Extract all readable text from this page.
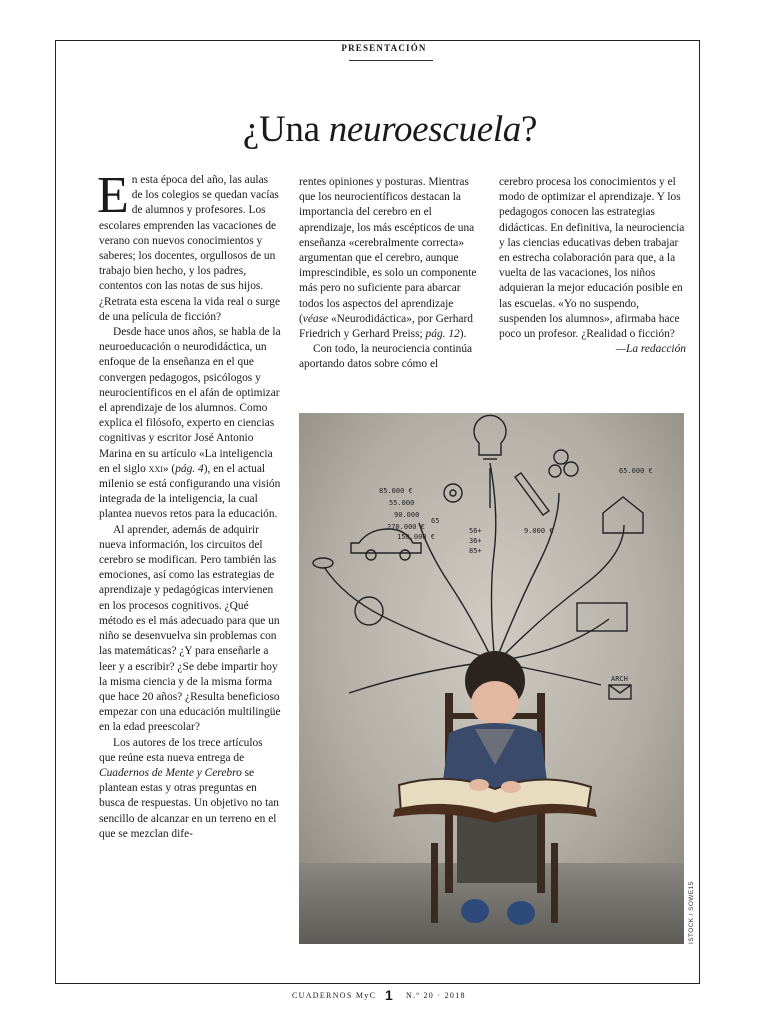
PRESENTACIÓN
¿Una neuroescuela?

En esta época del año, las aulas de los colegios se quedan vacías de alumnos y profesores. Los escolares emprenden las vacaciones de verano con nuevos conocimientos y saberes; los docentes, orgullosos de un trabajo bien hecho, y los padres, contentos con las notas de sus hijos. ¿Retrata esta escena la vida real o surge de una película de ficción?

Desde hace unos años, se habla de la neuroeducación o neurodidáctica, un enfoque de la enseñanza en el que convergen pedagogos, psicólogos y neurocientíficos en el afán de optimizar el aprendizaje de los alumnos. Como explica el filósofo, experto en ciencias cognitivas y escritor José Antonio Marina en su artículo «La inteligencia en el siglo xxi» (pág. 4), en el actual milenio se está configurando una visión integrada de la inteligencia, la cual plantea nuevos retos para la educación.

Al aprender, además de adquirir nueva información, los circuitos del cerebro se modifican. Pero también las emociones, así como las estrategias de aprendizaje y pedagógicas intervienen en los procesos cognitivos. ¿Qué método es el más adecuado para que un niño se desenvuelva sin problemas con las matemáticas? ¿Y para enseñarle a leer y a escribir? ¿Se debe impartir hoy la misma ciencia y de la misma forma que hace 20 años? ¿Resulta beneficioso empezar con una educación multilingüe en la edad preescolar?

Los autores de los trece artículos que reúne esta nueva entrega de Cuadernos de Mente y Cerebro se plantean estas y otras preguntas en busca de respuestas. Un objetivo no tan sencillo de alcanzar en un terreno en el que se mezclan dife-

rentes opiniones y posturas. Mientras que los neurocientíficos destacan la importancia del cerebro en el aprendizaje, los más escépticos de una enseñanza «cerebralmente correcta» argumentan que el cerebro, aunque imprescindible, es solo un componente más pero no suficiente para abarcar todos los aspectos del aprendizaje (véase «Neurodidáctica», por Gerhard Friedrich y Gerhard Preiss; pág. 12).

Con todo, la neurociencia continúa aportando datos sobre cómo el

cerebro procesa los conocimientos y el modo de optimizar el aprendizaje. Y los pedagogos conocen las estrategias didácticas. En definitiva, la neurociencia y las ciencias educativas deben trabajar en estrecha colaboración para que, a la vuelta de las vacaciones, los niños adquieran la mejor educación posible en las escuelas. «Yo no suspendo, suspenden los alumnos», afirmaba hace poco un profesor. ¿Realidad o ficción?

—La redacción

85.000 €
55.000
90.000
270.000 €
150.000 €
65
56+
36+
85+
65.000 €
9.000 €
ARCH
ISTOCK / SOWE15
CUADERNOS MyC 1 N.º 20 · 2018
